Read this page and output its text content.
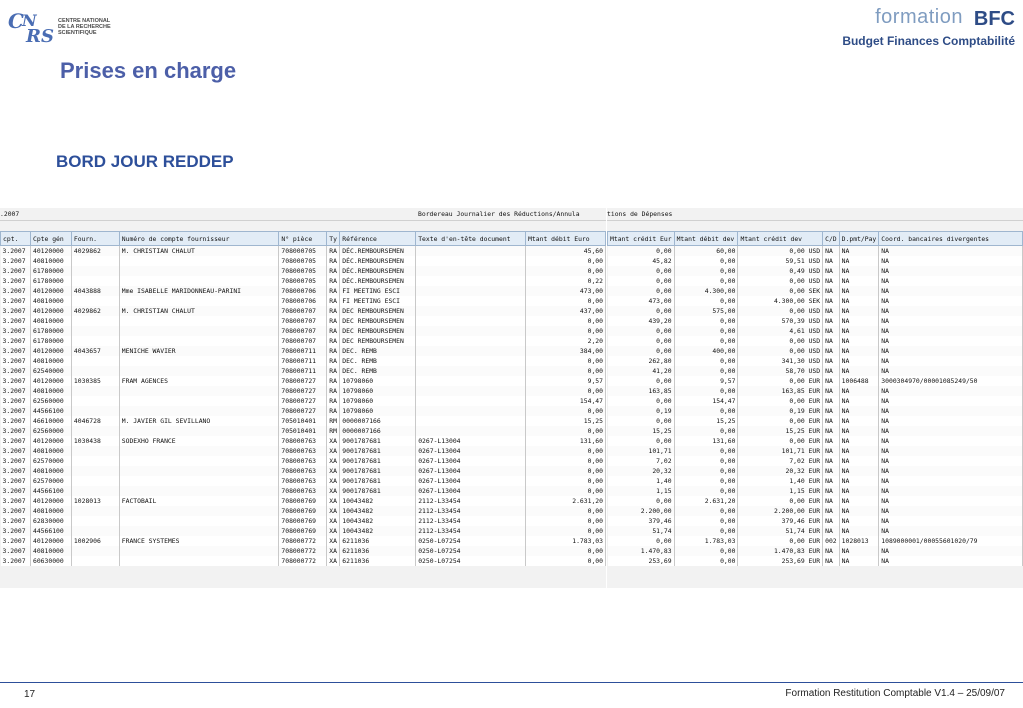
C
N
RS
CENTRE NATIONAL
DE LA RECHERCHE
SCIENTIFIQUE
formation BFC
Budget Finances Comptabilité
Prises en charge
BORD JOUR REDDEP
.2007	Bordereau Journalier des Réductions/Annula
cpt.	Cpte gén	Fourn.	Numéro de compte fournisseur	N° pièce	Ty	Référence	Texte d'en-tête document	Mtant débit Euro
3.2007	40120000	4029862	M. CHRISTIAN CHALUT	708000705	RA	DÉC.REMBOURSEMEN		45,60
3.2007	40810000			708000705	RA	DÉC.REMBOURSEMEN		0,00
3.2007	61780000			708000705	RA	DÉC.REMBOURSEMEN		0,00
3.2007	61780000			708000705	RA	DÉC.REMBOURSEMEN		0,22
3.2007	40120000	4043888	Mme ISABELLE MARIDONNEAU-PARINI	708000706	RA	FI MEETING ESCI		473,00
3.2007	40810000			708000706	RA	FI MEETING ESCI		0,00
3.2007	40120000	4029862	M. CHRISTIAN CHALUT	708000707	RA	DEC REMBOURSEMEN		437,00
3.2007	40810000			708000707	RA	DEC REMBOURSEMEN		0,00
3.2007	61780000			708000707	RA	DEC REMBOURSEMEN		0,00
3.2007	61780000			708000707	RA	DEC REMBOURSEMEN		2,20
3.2007	40120000	4043657	MENICHE WAVIER	708000711	RA	DEC. REMB		384,00
3.2007	40810000			708000711	RA	DEC. REMB		0,00
3.2007	62540000			708000711	RA	DEC. REMB		0,00
3.2007	40120000	1030385	FRAM AGENCES	708000727	RA	10798060		9,57
3.2007	40810000			708000727	RA	10798060		0,00
3.2007	62560000			708000727	RA	10798060		154,47
3.2007	44566100			708000727	RA	10798060		0,00
3.2007	46610000	4046728	M. JAVIER GIL SEVILLANO	705010401	RM	0000007166		15,25
3.2007	62560000			705010401	RM	0000007166		0,00
3.2007	40120000	1030438	SODEXHO FRANCE	708000763	XA	9001787681	0267-L13004	131,60
3.2007	40810000			708000763	XA	9001787681	0267-L13004	0,00
3.2007	62570000			708000763	XA	9001787681	0267-L13004	0,00
3.2007	40810000			708000763	XA	9001787681	0267-L13004	0,00
3.2007	62570000			708000763	XA	9001787681	0267-L13004	0,00
3.2007	44566100			708000763	XA	9001787681	0267-L13004	0,00
3.2007	40120000	1028013	FACTOBAIL	708000769	XA	10043482	2112-L33454	2.631,20
3.2007	40810000			708000769	XA	10043482	2112-L33454	0,00
3.2007	62830000			708000769	XA	10043482	2112-L33454	0,00
3.2007	44566100			708000769	XA	10043482	2112-L33454	0,00
3.2007	40120000	1002906	FRANCE SYSTEMES	708000772	XA	6211036	0250-L07254	1.783,03
3.2007	40810000			708000772	XA	6211036	0250-L07254	0,00
3.2007	60630000			708000772	XA	6211036	0250-L07254	0,00
tions de Dépenses
Mtant crédit Eur	Mtant débit dev	Mtant crédit dev	C/D	D.pmt/Pay	Coord. bancaires divergentes
0,00	60,00	0,00 USD	NA	NA	NA
45,82	0,00	59,51 USD	NA	NA	NA
0,00	0,00	0,49 USD	NA	NA	NA
0,00	0,00	0,00 USD	NA	NA	NA
0,00	4.300,00	0,00 SEK	NA	NA	NA
473,00	0,00	4.300,00 SEK	NA	NA	NA
0,00	575,00	0,00 USD	NA	NA	NA
439,20	0,00	570,39 USD	NA	NA	NA
0,00	0,00	4,61 USD	NA	NA	NA
0,00	0,00	0,00 USD	NA	NA	NA
0,00	400,00	0,00 USD	NA	NA	NA
262,80	0,00	341,30 USD	NA	NA	NA
41,20	0,00	58,70 USD	NA	NA	NA
0,00	9,57	0,00 EUR	NA	1006488	3000304970/00001085249/50
163,85	0,00	163,85 EUR	NA	NA	NA
0,00	154,47	0,00 EUR	NA	NA	NA
0,19	0,00	0,19 EUR	NA	NA	NA
0,00	15,25	0,00 EUR	NA	NA	NA
15,25	0,00	15,25 EUR	NA	NA	NA
0,00	131,60	0,00 EUR	NA	NA	NA
101,71	0,00	101,71 EUR	NA	NA	NA
7,02	0,00	7,02 EUR	NA	NA	NA
20,32	0,00	20,32 EUR	NA	NA	NA
1,40	0,00	1,40 EUR	NA	NA	NA
1,15	0,00	1,15 EUR	NA	NA	NA
0,00	2.631,20	0,00 EUR	NA	NA	NA
2.200,00	0,00	2.200,00 EUR	NA	NA	NA
379,46	0,00	379,46 EUR	NA	NA	NA
51,74	0,00	51,74 EUR	NA	NA	NA
0,00	1.783,03	0,00 EUR	002	1028013	1089000001/00055601020/79
1.470,83	0,00	1.470,83 EUR	NA	NA	NA
253,69	0,00	253,69 EUR	NA	NA	NA
17	Formation Restitution Comptable V1.4 – 25/09/07
